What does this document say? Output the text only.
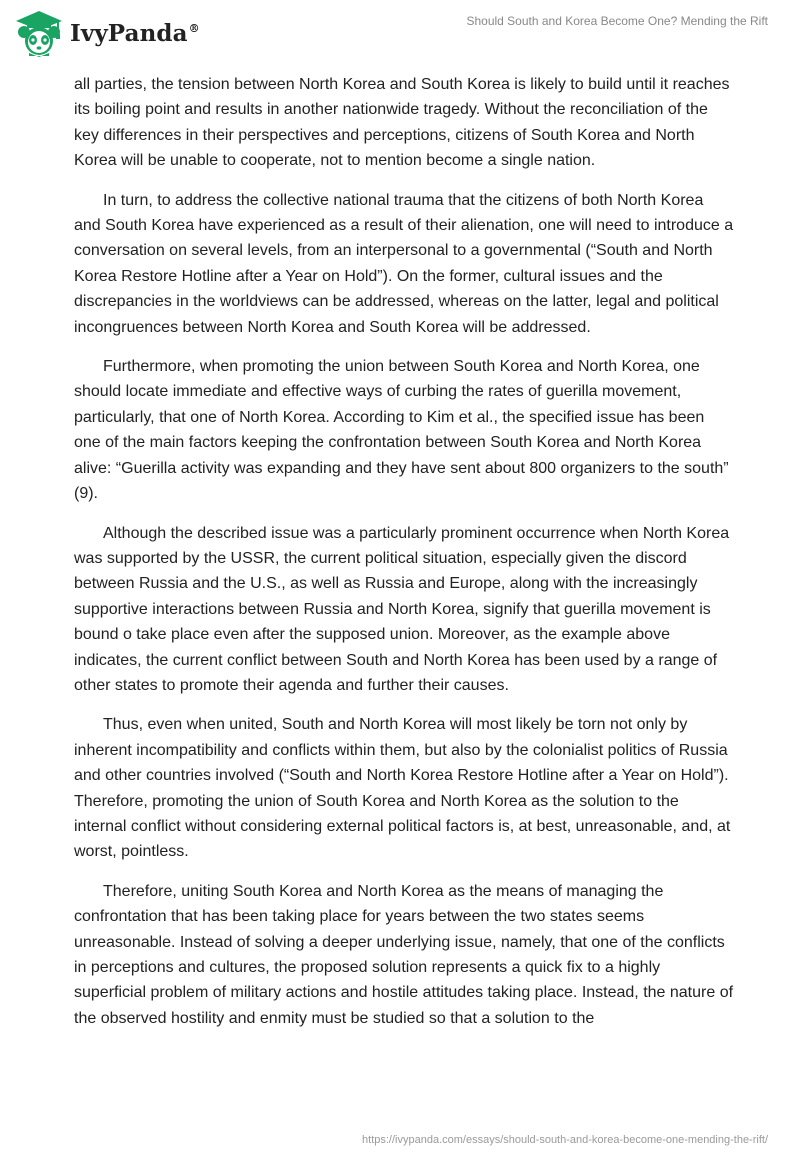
IvyPanda®
Should South and Korea Become One? Mending the Rift

all parties, the tension between North Korea and South Korea is likely to build until it reaches its boiling point and results in another nationwide tragedy. Without the reconciliation of the key differences in their perspectives and perceptions, citizens of South Korea and North Korea will be unable to cooperate, not to mention become a single nation.

In turn, to address the collective national trauma that the citizens of both North Korea and South Korea have experienced as a result of their alienation, one will need to introduce a conversation on several levels, from an interpersonal to a governmental (“South and North Korea Restore Hotline after a Year on Hold”). On the former, cultural issues and the discrepancies in the worldviews can be addressed, whereas on the latter, legal and political incongruences between North Korea and South Korea will be addressed.

Furthermore, when promoting the union between South Korea and North Korea, one should locate immediate and effective ways of curbing the rates of guerilla movement, particularly, that one of North Korea. According to Kim et al., the specified issue has been one of the main factors keeping the confrontation between South Korea and North Korea alive: “Guerilla activity was expanding and they have sent about 800 organizers to the south” (9).

Although the described issue was a particularly prominent occurrence when North Korea was supported by the USSR, the current political situation, especially given the discord between Russia and the U.S., as well as Russia and Europe, along with the increasingly supportive interactions between Russia and North Korea, signify that guerilla movement is bound o take place even after the supposed union. Moreover, as the example above indicates, the current conflict between South and North Korea has been used by a range of other states to promote their agenda and further their causes.

Thus, even when united, South and North Korea will most likely be torn not only by inherent incompatibility and conflicts within them, but also by the colonialist politics of Russia and other countries involved (“South and North Korea Restore Hotline after a Year on Hold”). Therefore, promoting the union of South Korea and North Korea as the solution to the internal conflict without considering external political factors is, at best, unreasonable, and, at worst, pointless.

Therefore, uniting South Korea and North Korea as the means of managing the confrontation that has been taking place for years between the two states seems unreasonable. Instead of solving a deeper underlying issue, namely, that one of the conflicts in perceptions and cultures, the proposed solution represents a quick fix to a highly superficial problem of military actions and hostile attitudes taking place. Instead, the nature of the observed hostility and enmity must be studied so that a solution to the

https://ivypanda.com/essays/should-south-and-korea-become-one-mending-the-rift/
